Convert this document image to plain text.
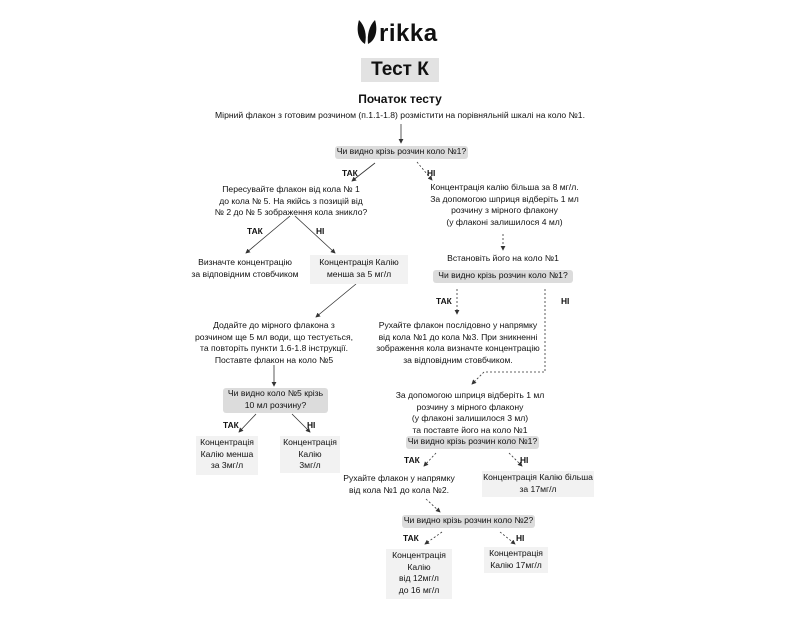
rikka
Тест К
Початок тесту
Мірний флакон з готовим розчином (п.1.1-1.8) розмістити на порівняльній шкалі на коло №1.
Чи видно крізь розчин коло №1?
ТАК	НІ
Пересувайте флакон від кола № 1
до кола № 5. На якійсь з позицій від
№ 2 до № 5 зображення кола зникло?
ТАК	НІ
Визначте концентрацію
за відповідним стовбчиком
Концентрація Калію
менша за 5 мг/л
Додайте до мірного флакона з
розчином ще 5 мл води, що тестується,
та повторіть пункти 1.6-1.8 інструкції.
Поставте флакон на коло №5
Чи видно коло №5 крізь
10 мл розчину?
ТАК	НІ
Концентрація
Калію менша
за 3мг/л
Концентрація
Калію
3мг/л
Концентрація калію більша за 8 мг/л.
За допомогою шприця відберіть 1 мл
розчину з мірного флакону
(у флаконі залишилося 4 мл)
Встановіть його на коло №1
Чи видно крізь розчин коло №1?
ТАК	НІ
Рухайте флакон послідовно у напрямку
від кола №1 до кола №3. При зникненні
зображення кола визначте концентрацію
за відповідним стовбчиком.
За допомогою шприця відберіть 1 мл
розчину з мірного флакону
(у флаконі залишилося 3 мл)
та поставте його на коло №1
Чи видно крізь розчин коло №1?
ТАК	НІ
Рухайте флакон у напрямку
від кола №1 до кола №2.
Концентрація Калію більша
за 17мг/л
Чи видно крізь розчин коло №2?
ТАК	НІ
Концентрація
Калію
від 12мг/л
до 16 мг/л
Концентрація
Калію 17мг/л
